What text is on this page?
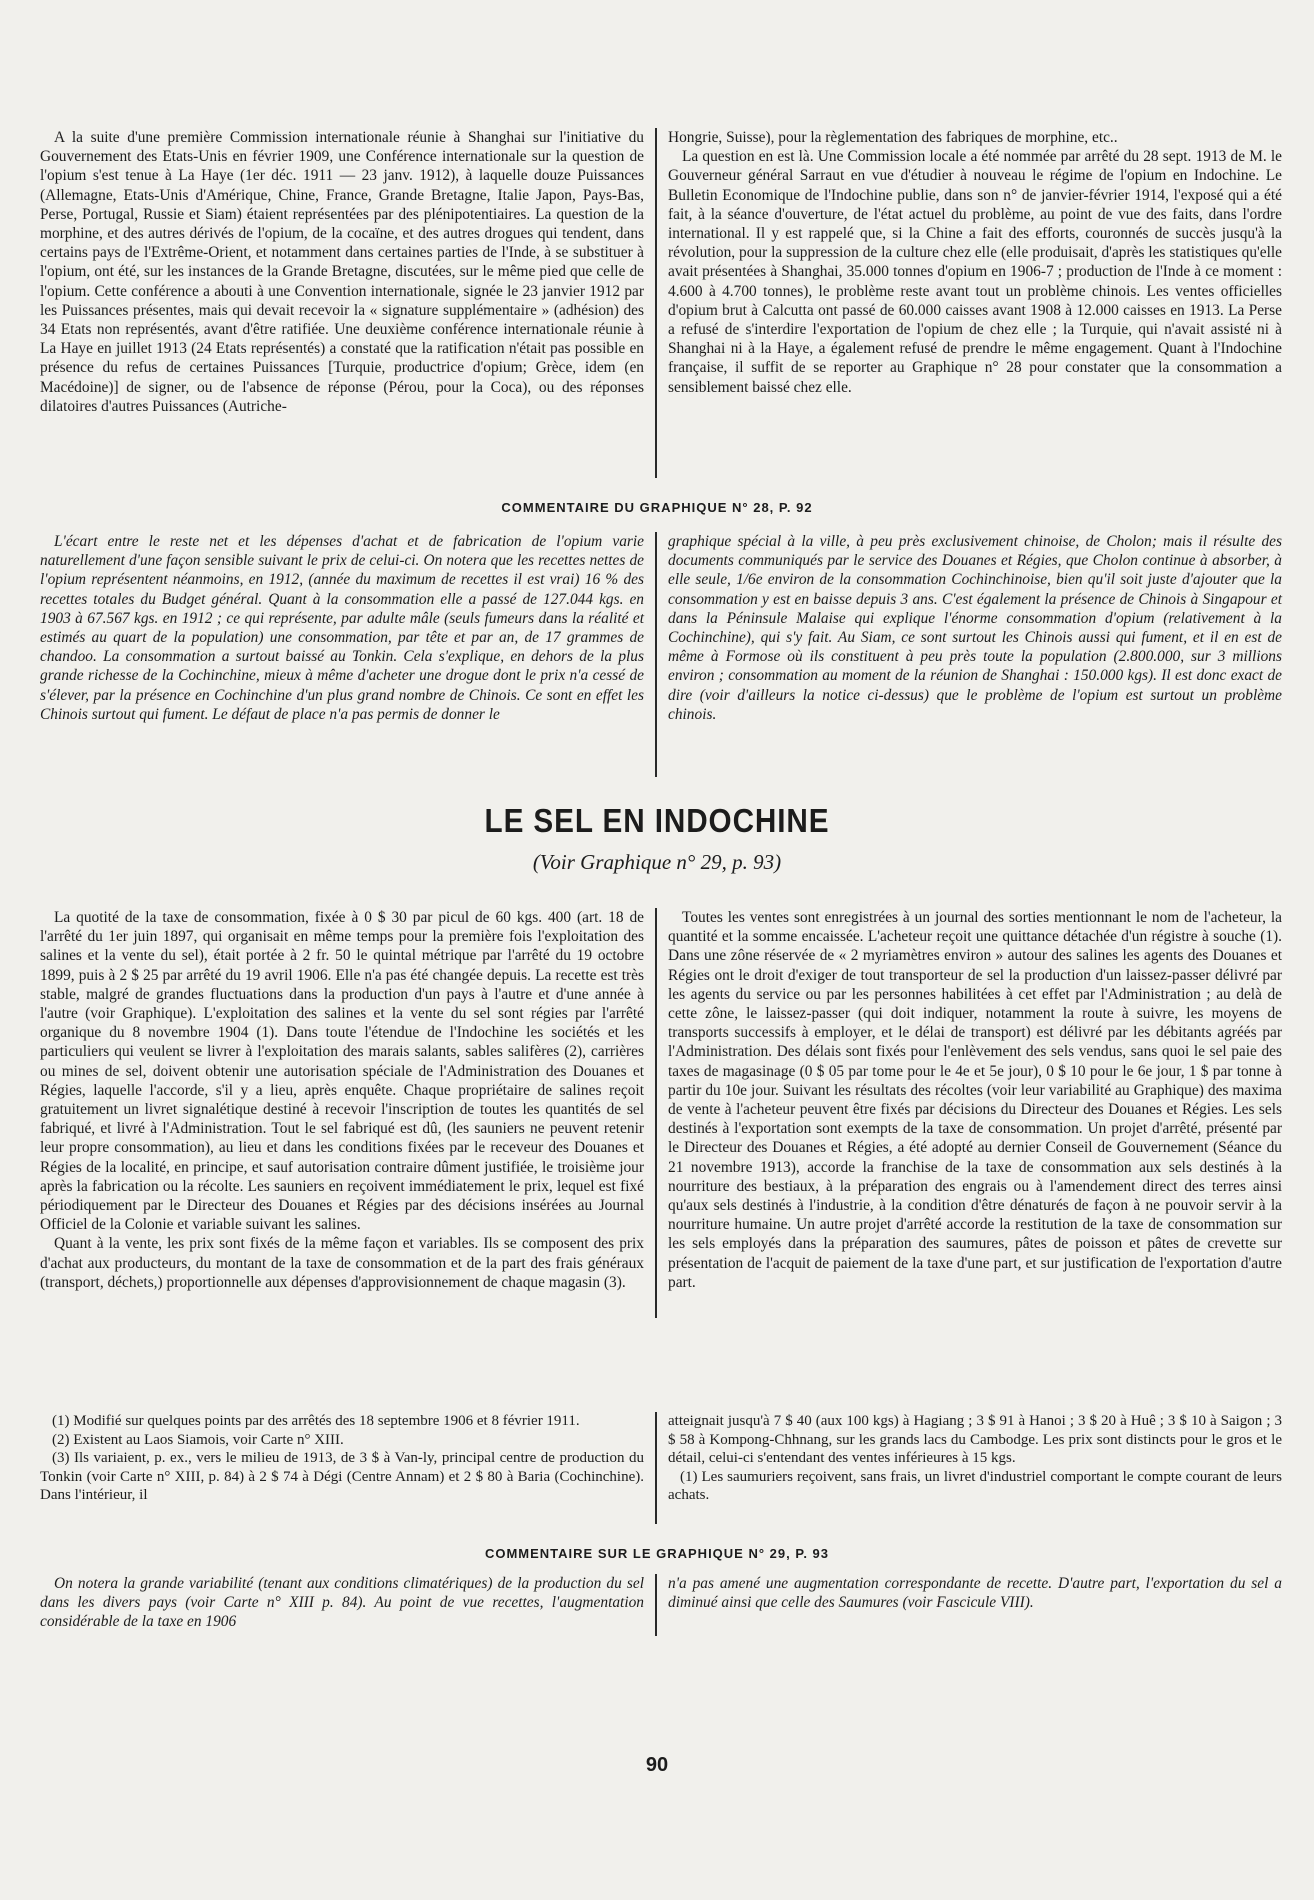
A la suite d'une première Commission internationale réunie à Shanghai sur l'initiative du Gouvernement des Etats-Unis en février 1909, une Conférence internationale sur la question de l'opium s'est tenue à La Haye (1er déc. 1911 — 23 janv. 1912), à laquelle douze Puissances (Allemagne, Etats-Unis d'Amérique, Chine, France, Grande Bretagne, Italie Japon, Pays-Bas, Perse, Portugal, Russie et Siam) étaient représentées par des plénipotentiaires. La question de la morphine, et des autres dérivés de l'opium, de la cocaïne, et des autres drogues qui tendent, dans certains pays de l'Extrême-Orient, et notamment dans certaines parties de l'Inde, à se substituer à l'opium, ont été, sur les instances de la Grande Bretagne, discutées, sur le même pied que celle de l'opium. Cette conférence a abouti à une Convention internationale, signée le 23 janvier 1912 par les Puissances présentes, mais qui devait recevoir la « signature supplémentaire » (adhésion) des 34 Etats non représentés, avant d'être ratifiée. Une deuxième conférence internationale réunie à La Haye en juillet 1913 (24 Etats représentés) a constaté que la ratification n'était pas possible en présence du refus de certaines Puissances [Turquie, productrice d'opium; Grèce, idem (en Macédoine)] de signer, ou de l'absence de réponse (Pérou, pour la Coca), ou des réponses dilatoires d'autres Puissances (Autriche-

Hongrie, Suisse), pour la règlementation des fabriques de morphine, etc..

La question en est là. Une Commission locale a été nommée par arrêté du 28 sept. 1913 de M. le Gouverneur général Sarraut en vue d'étudier à nouveau le régime de l'opium en Indochine. Le Bulletin Economique de l'Indochine publie, dans son n° de janvier-février 1914, l'exposé qui a été fait, à la séance d'ouverture, de l'état actuel du problème, au point de vue des faits, dans l'ordre international. Il y est rappelé que, si la Chine a fait des efforts, couronnés de succès jusqu'à la révolution, pour la suppression de la culture chez elle (elle produisait, d'après les statistiques qu'elle avait présentées à Shanghai, 35.000 tonnes d'opium en 1906-7 ; production de l'Inde à ce moment : 4.600 à 4.700 tonnes), le problème reste avant tout un problème chinois. Les ventes officielles d'opium brut à Calcutta ont passé de 60.000 caisses avant 1908 à 12.000 caisses en 1913. La Perse a refusé de s'interdire l'exportation de l'opium de chez elle ; la Turquie, qui n'avait assisté ni à Shanghai ni à la Haye, a également refusé de prendre le même engagement. Quant à l'Indochine française, il suffit de se reporter au Graphique n° 28 pour constater que la consommation a sensiblement baissé chez elle.

COMMENTAIRE DU GRAPHIQUE N° 28, P. 92

L'écart entre le reste net et les dépenses d'achat et de fabrication de l'opium varie naturellement d'une façon sensible suivant le prix de celui-ci. On notera que les recettes nettes de l'opium représentent néanmoins, en 1912, (année du maximum de recettes il est vrai) 16 % des recettes totales du Budget général. Quant à la consommation elle a passé de 127.044 kgs. en 1903 à 67.567 kgs. en 1912 ; ce qui représente, par adulte mâle (seuls fumeurs dans la réalité et estimés au quart de la population) une consommation, par tête et par an, de 17 grammes de chandoo. La consommation a surtout baissé au Tonkin. Cela s'explique, en dehors de la plus grande richesse de la Cochinchine, mieux à même d'acheter une drogue dont le prix n'a cessé de s'élever, par la présence en Cochinchine d'un plus grand nombre de Chinois. Ce sont en effet les Chinois surtout qui fument. Le défaut de place n'a pas permis de donner le

graphique spécial à la ville, à peu près exclusivement chinoise, de Cholon; mais il résulte des documents communiqués par le service des Douanes et Régies, que Cholon continue à absorber, à elle seule, 1/6e environ de la consommation Cochinchinoise, bien qu'il soit juste d'ajouter que la consommation y est en baisse depuis 3 ans. C'est également la présence de Chinois à Singapour et dans la Péninsule Malaise qui explique l'énorme consommation d'opium (relativement à la Cochinchine), qui s'y fait. Au Siam, ce sont surtout les Chinois aussi qui fument, et il en est de même à Formose où ils constituent à peu près toute la population (2.800.000, sur 3 millions environ ; consommation au moment de la réunion de Shanghai : 150.000 kgs). Il est donc exact de dire (voir d'ailleurs la notice ci-dessus) que le problème de l'opium est surtout un problème chinois.

LE SEL EN INDOCHINE
(Voir Graphique n° 29, p. 93)

La quotité de la taxe de consommation, fixée à 0 $ 30 par picul de 60 kgs. 400 (art. 18 de l'arrêté du 1er juin 1897, qui organisait en même temps pour la première fois l'exploitation des salines et la vente du sel), était portée à 2 fr. 50 le quintal métrique par l'arrêté du 19 octobre 1899, puis à 2 $ 25 par arrêté du 19 avril 1906. Elle n'a pas été changée depuis. La recette est très stable, malgré de grandes fluctuations dans la production d'un pays à l'autre et d'une année à l'autre (voir Graphique). L'exploitation des salines et la vente du sel sont régies par l'arrêté organique du 8 novembre 1904 (1). Dans toute l'étendue de l'Indochine les sociétés et les particuliers qui veulent se livrer à l'exploitation des marais salants, sables salifères (2), carrières ou mines de sel, doivent obtenir une autorisation spéciale de l'Administration des Douanes et Régies, laquelle l'accorde, s'il y a lieu, après enquête. Chaque propriétaire de salines reçoit gratuitement un livret signalétique destiné à recevoir l'inscription de toutes les quantités de sel fabriqué, et livré à l'Administration. Tout le sel fabriqué est dû, (les sauniers ne peuvent retenir leur propre consommation), au lieu et dans les conditions fixées par le receveur des Douanes et Régies de la localité, en principe, et sauf autorisation contraire dûment justifiée, le troisième jour après la fabrication ou la récolte. Les sauniers en reçoivent immédiatement le prix, lequel est fixé périodiquement par le Directeur des Douanes et Régies par des décisions insérées au Journal Officiel de la Colonie et variable suivant les salines.

Quant à la vente, les prix sont fixés de la même façon et variables. Ils se composent des prix d'achat aux producteurs, du montant de la taxe de consommation et de la part des frais généraux (transport, déchets,) proportionnelle aux dépenses d'approvisionnement de chaque magasin (3).

Toutes les ventes sont enregistrées à un journal des sorties mentionnant le nom de l'acheteur, la quantité et la somme encaissée. L'acheteur reçoit une quittance détachée d'un régistre à souche (1). Dans une zône réservée de « 2 myriamètres environ » autour des salines les agents des Douanes et Régies ont le droit d'exiger de tout transporteur de sel la production d'un laissez-passer délivré par les agents du service ou par les personnes habilitées à cet effet par l'Administration ; au delà de cette zône, le laissez-passer (qui doit indiquer, notamment la route à suivre, les moyens de transports successifs à employer, et le délai de transport) est délivré par les débitants agréés par l'Administration. Des délais sont fixés pour l'enlèvement des sels vendus, sans quoi le sel paie des taxes de magasinage (0 $ 05 par tome pour le 4e et 5e jour), 0 $ 10 pour le 6e jour, 1 $ par tonne à partir du 10e jour. Suivant les résultats des récoltes (voir leur variabilité au Graphique) des maxima de vente à l'acheteur peuvent être fixés par décisions du Directeur des Douanes et Régies. Les sels destinés à l'exportation sont exempts de la taxe de consommation. Un projet d'arrêté, présenté par le Directeur des Douanes et Régies, a été adopté au dernier Conseil de Gouvernement (Séance du 21 novembre 1913), accorde la franchise de la taxe de consommation aux sels destinés à la nourriture des bestiaux, à la préparation des engrais ou à l'amendement direct des terres ainsi qu'aux sels destinés à l'industrie, à la condition d'être dénaturés de façon à ne pouvoir servir à la nourriture humaine. Un autre projet d'arrêté accorde la restitution de la taxe de consommation sur les sels employés dans la préparation des saumures, pâtes de poisson et pâtes de crevette sur présentation de l'acquit de paiement de la taxe d'une part, et sur justification de l'exportation d'autre part.

(1) Modifié sur quelques points par des arrêtés des 18 septembre 1906 et 8 février 1911.

(2) Existent au Laos Siamois, voir Carte n° XIII.

(3) Ils variaient, p. ex., vers le milieu de 1913, de 3 $ à Van-ly, principal centre de production du Tonkin (voir Carte n° XIII, p. 84) à 2 $ 74 à Dégi (Centre Annam) et 2 $ 80 à Baria (Cochinchine). Dans l'intérieur, il

atteignait jusqu'à 7 $ 40 (aux 100 kgs) à Hagiang ; 3 $ 91 à Hanoi ; 3 $ 20 à Huê ; 3 $ 10 à Saigon ; 3 $ 58 à Kompong-Chhnang, sur les grands lacs du Cambodge. Les prix sont distincts pour le gros et le détail, celui-ci s'entendant des ventes inférieures à 15 kgs.

(1) Les saumuriers reçoivent, sans frais, un livret d'industriel comportant le compte courant de leurs achats.

COMMENTAIRE SUR LE GRAPHIQUE N° 29, P. 93

On notera la grande variabilité (tenant aux conditions climatériques) de la production du sel dans les divers pays (voir Carte n° XIII p. 84). Au point de vue recettes, l'augmentation considérable de la taxe en 1906

n'a pas amené une augmentation correspondante de recette. D'autre part, l'exportation du sel a diminué ainsi que celle des Saumures (voir Fascicule VIII).

90
